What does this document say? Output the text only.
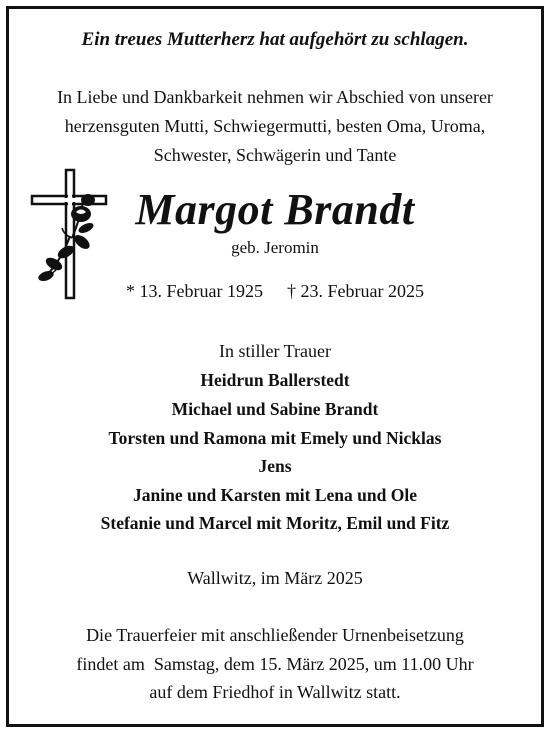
Ein treues Mutterherz hat aufgehört zu schlagen.
In Liebe und Dankbarkeit nehmen wir Abschied von unserer
herzensguten Mutti, Schwiegermutti, besten Oma, Uroma,
Schwester, Schwägerin und Tante
Margot Brandt
geb. Jeromin
* 13. Februar 1925 † 23. Februar 2025
In stiller Trauer
Heidrun Ballerstedt
Michael und Sabine Brandt
Torsten und Ramona mit Emely und Nicklas
Jens
Janine und Karsten mit Lena und Ole
Stefanie und Marcel mit Moritz, Emil und Fitz
Wallwitz, im März 2025
Die Trauerfeier mit anschließender Urnenbeisetzung
findet am  Samstag, dem 15. März 2025, um 11.00 Uhr
auf dem Friedhof in Wallwitz statt.
